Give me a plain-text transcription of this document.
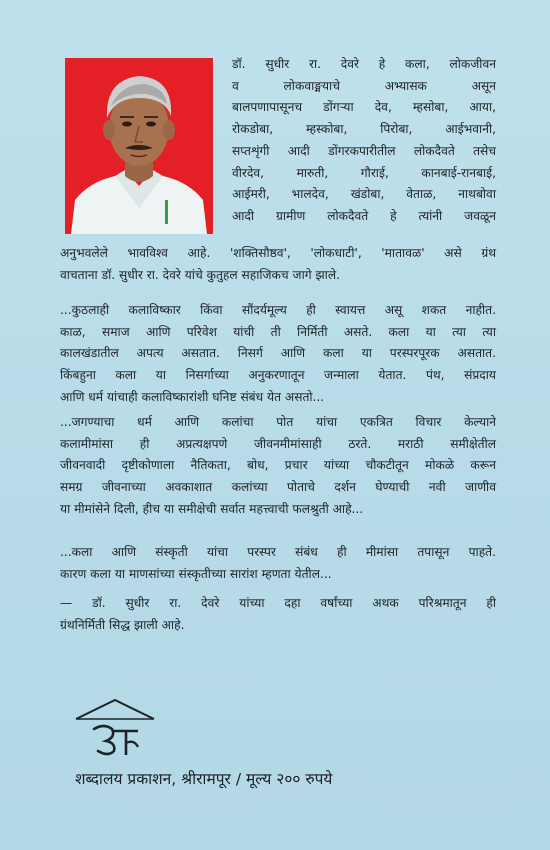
डॉ. सुधीर रा. देवरे हे कला, लोकजीवन
व लोकवाङ्मयाचे अभ्यासक असून
बालपणापासूनच डोंगऱ्या देव, म्हसोबा, आया,
रोकडोबा, म्हस्कोबा, पिरोबा, आईभवानी,
सप्तशृंगी आदी डोंगरकपारीतील लोकदैवते तसेच
वीरदेव, मारुती, गौराई, कानबाई-रानबाई,
आईमरी, भालदेव, खंडोबा, वेताळ, नाथबोवा
आदी ग्रामीण लोकदैवते हे त्यांनी जवळून
अनुभवलेले भावविश्व आहे. 'शक्तिसौष्ठव', 'लोकधाटी', 'मातावळ' असे ग्रंथ
वाचताना डॉ. सुधीर रा. देवरे यांचे कुतुहल सहाजिकच जागे झाले.
...कुठलाही कलाविष्कार किंवा सौंदर्यमूल्य ही स्वायत्त असू शकत नाहीत.
काळ, समाज आणि परिवेश यांची ती निर्मिती असते. कला या त्या त्या
कालखंडातील अपत्य असतात. निसर्ग आणि कला या परस्परपूरक असतात.
किंबहुना कला या निसर्गाच्या अनुकरणातून जन्माला येतात. पंथ, संप्रदाय
आणि धर्म यांचाही कलाविष्कारांशी घनिष्ट संबंध येत असतो...
...जगण्याचा धर्म आणि कलांचा पोत यांचा एकत्रित विचार केल्याने
कलामीमांसा ही अप्रत्यक्षपणे जीवनमीमांसाही ठरते. मराठी समीक्षेतील
जीवनवादी दृष्टीकोणाला नैतिकता, बोध, प्रचार यांच्या चौकटीतून मोकळे करून
समग्र जीवनाच्या अवकाशात कलांच्या पोताचे दर्शन घेण्याची नवी जाणीव
या मीमांसेने दिली, हीच या समीक्षेची सर्वात महत्त्वाची फलश्रुती आहे...
...कला आणि संस्कृती यांचा परस्पर संबंध ही मीमांसा तपासून पाहते.
कारण कला या माणसांच्या संस्कृतीच्या सारांश म्हणता येतील...
— डॉ. सुधीर रा. देवरे यांच्या दहा वर्षांच्या अथक परिश्रमातून ही
ग्रंथनिर्मिती सिद्ध झाली आहे.
शब्दालय प्रकाशन, श्रीरामपूर / मूल्य २०० रुपये
